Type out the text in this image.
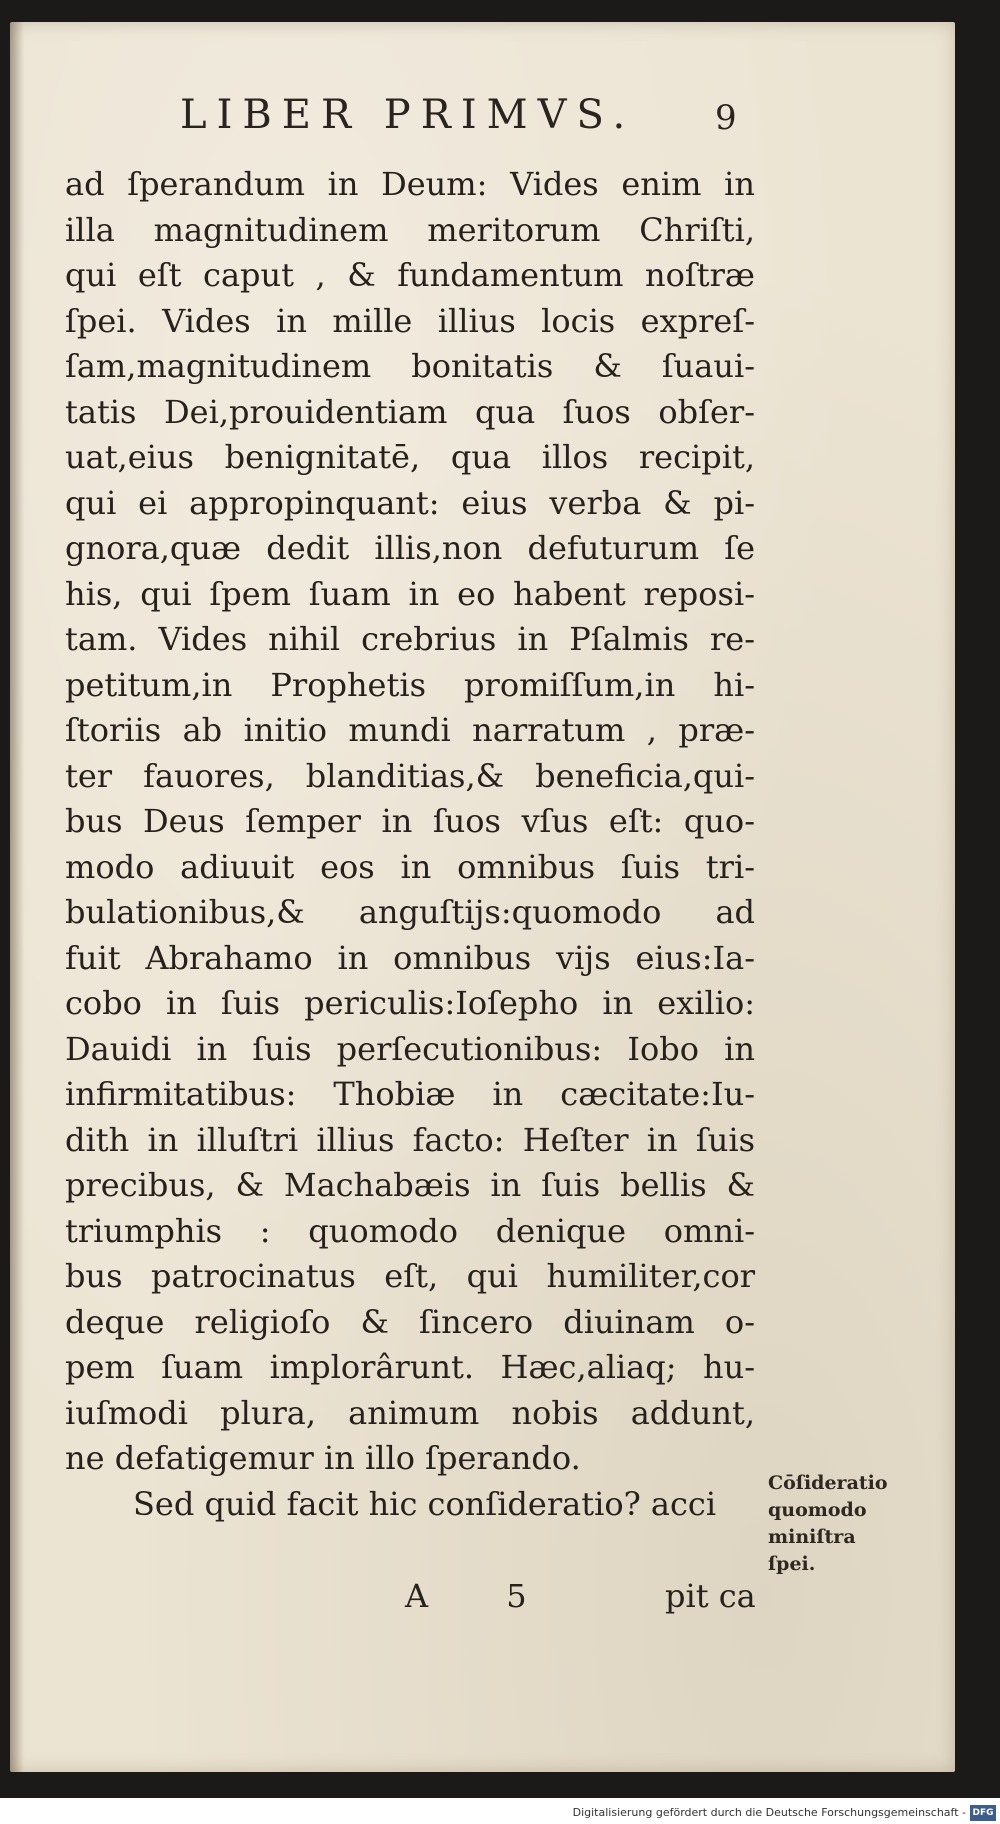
LIBER PRIMVS.	9
ad ſperandum in Deum: Vides enim in
illa magnitudinem meritorum Chriſti,
qui eſt caput , & fundamentum noſtræ
ſpei. Vides in mille illius locis expreſ-
ſam,magnitudinem bonitatis & ſuaui-
tatis Dei,prouidentiam qua ſuos obſer-
uat,eius benignitatē, qua illos recipit,
qui ei appropinquant: eius verba & pi-
gnora,quæ dedit illis,non defuturum ſe
his, qui ſpem ſuam in eo habent reposi-
tam. Vides nihil crebrius in Pſalmis re-
petitum,in Prophetis promiſſum,in hi-
ſtoriis ab initio mundi narratum , præ-
ter fauores, blanditias,& beneficia,qui-
bus Deus ſemper in ſuos vſus eſt: quo-
modo adiuuit eos in omnibus ſuis tri-
bulationibus,& anguſtijs:quomodo ad
fuit Abrahamo in omnibus vijs eius:Ia-
cobo in ſuis periculis:Ioſepho in exilio:
Dauidi in ſuis perſecutionibus: Iobo in
infirmitatibus: Thobiæ in cæcitate:Iu-
dith in illuſtri illius facto: Heſter in ſuis
precibus, & Machabæis in ſuis bellis &
triumphis : quomodo denique omni-
bus patrocinatus eſt, qui humiliter,cor
deque religioſo & ſincero diuinam o-
pem ſuam implorârunt. Hæc,aliaq; hu-
iuſmodi plura, animum nobis addunt,
ne defatigemur in illo ſperando.
Sed quid facit hic conſideratio? acci
Cōſideratio
quomodo
miniſtra
ſpei.
A 5	pit ca
Digitalisierung gefördert durch die Deutsche Forschungsgemeinschaft - DFG
